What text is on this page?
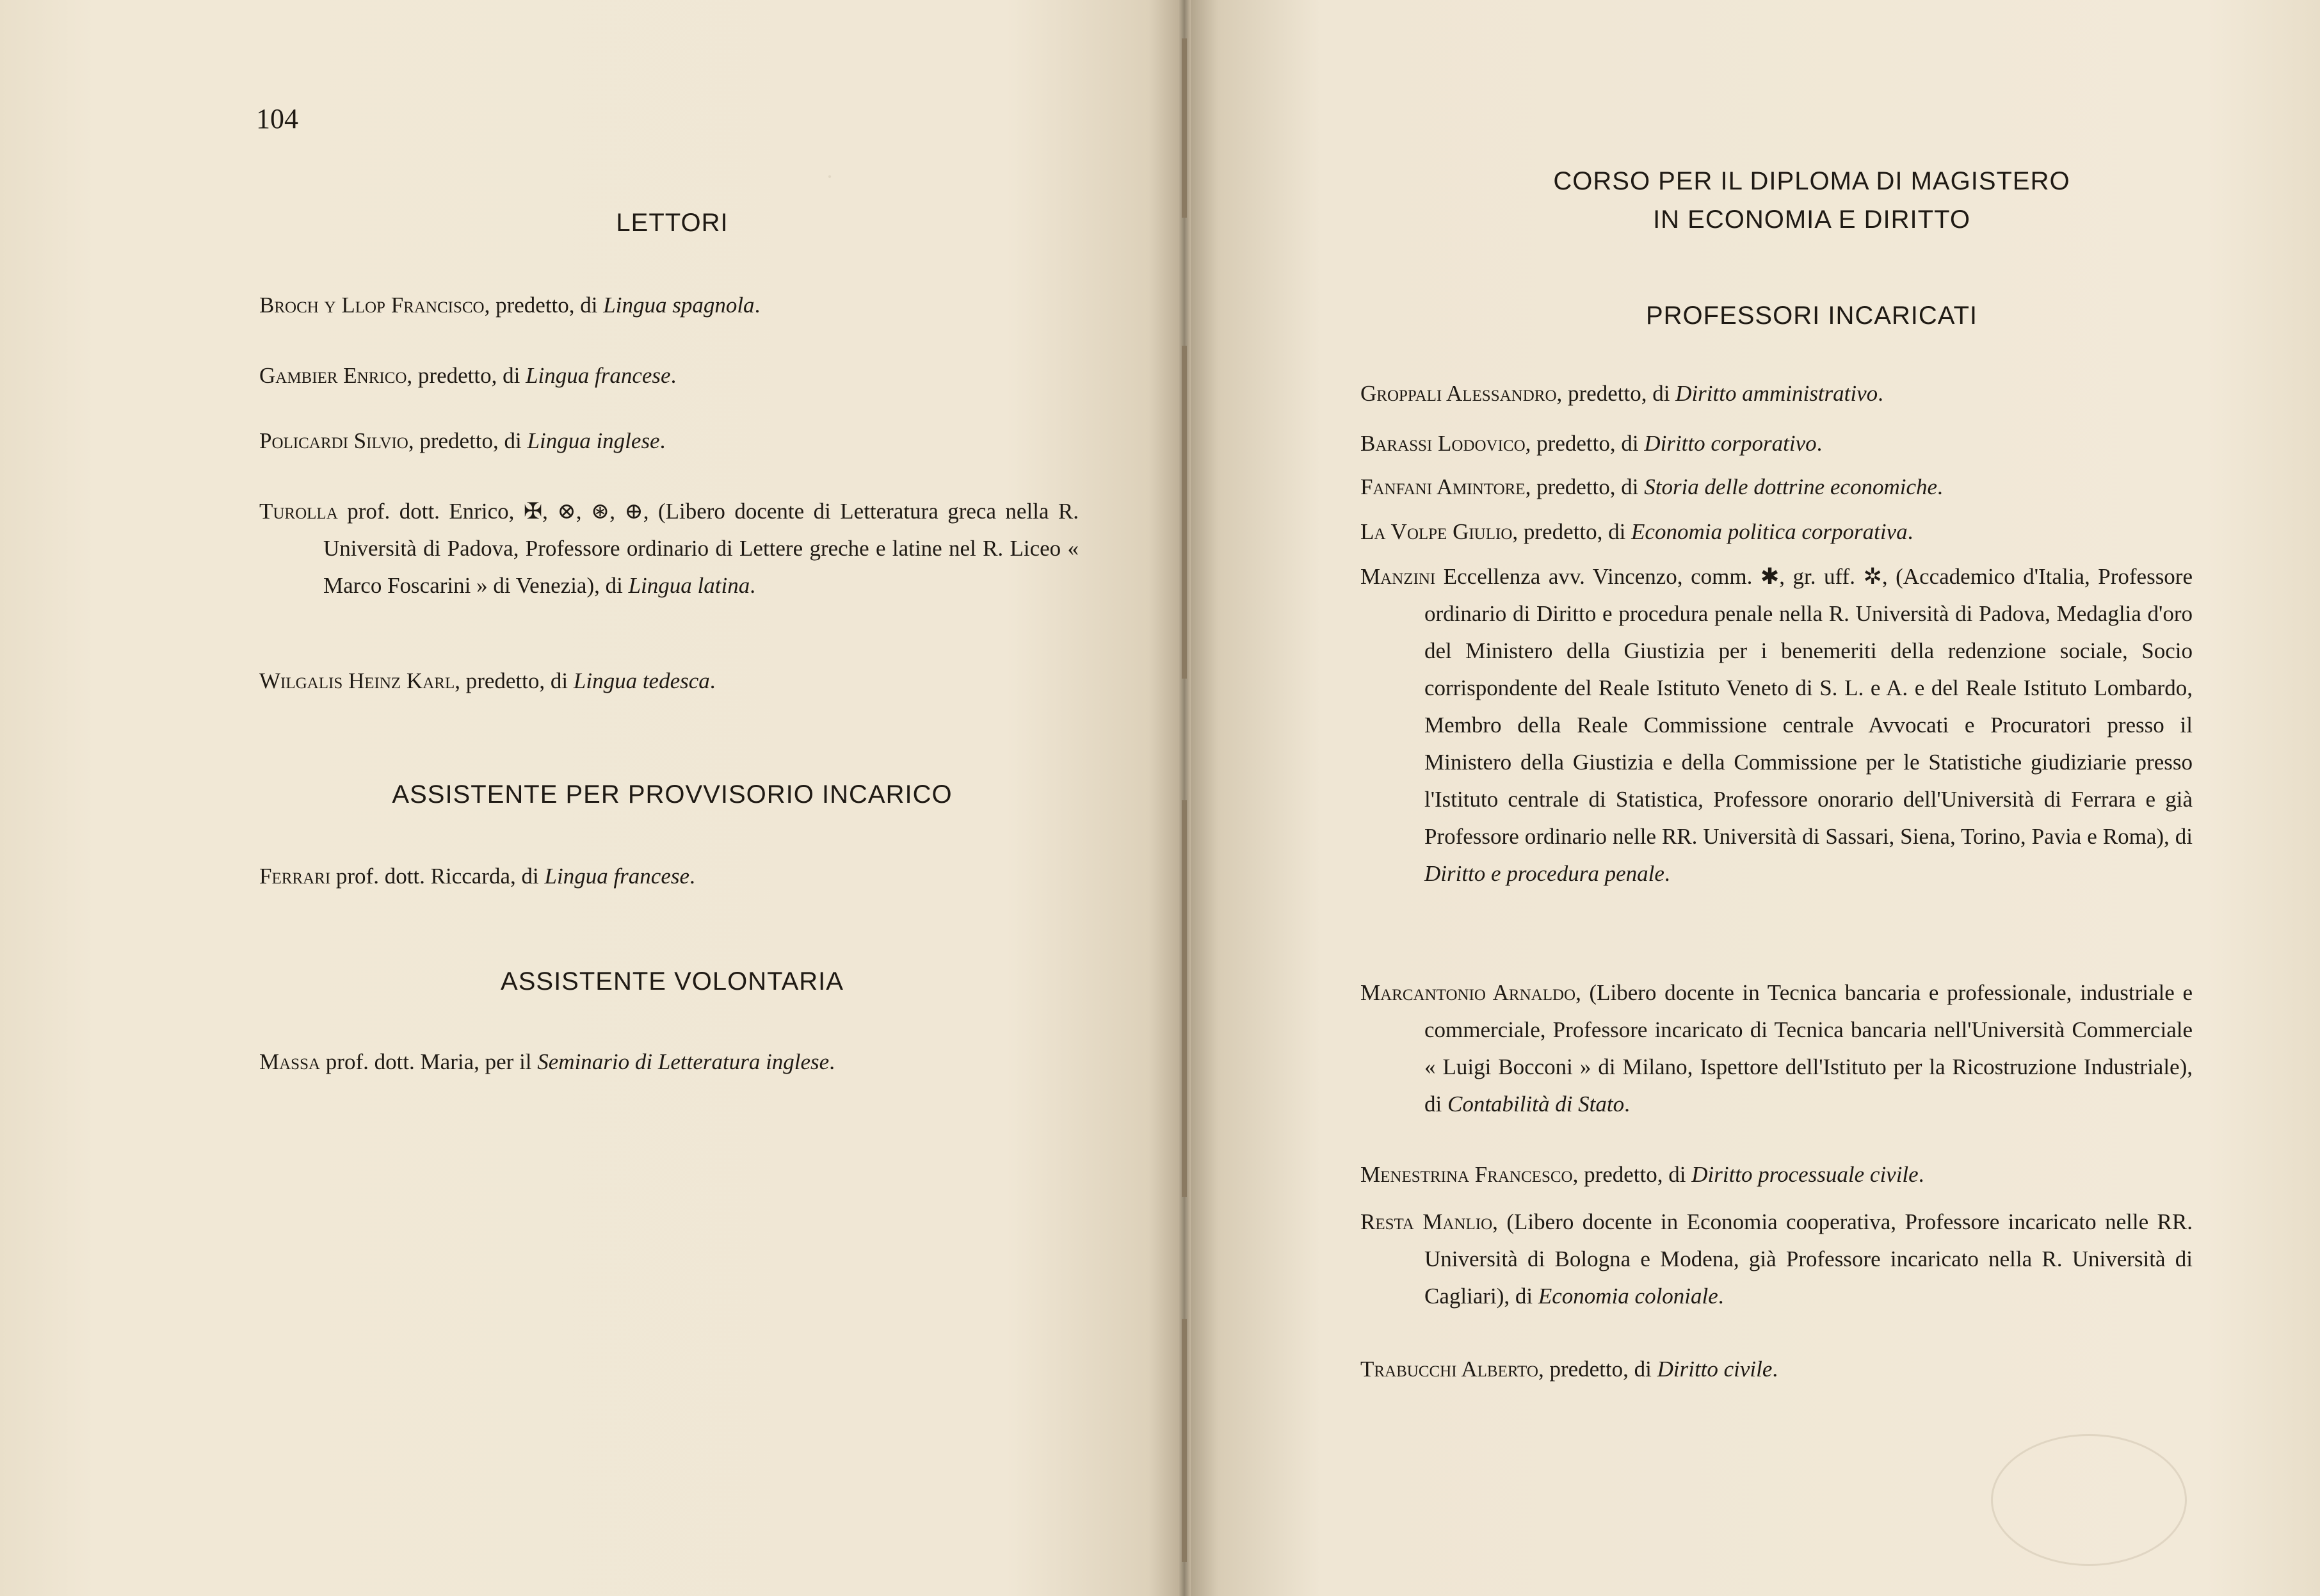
104
·
LETTORI
Broch y Llop Francisco, predetto, di Lingua spagnola.
Gambier Enrico, predetto, di Lingua francese.
Policardi Silvio, predetto, di Lingua inglese.
Turolla prof. dott. Enrico, ✠, ⊗, ⊛, ⊕, (Libero docente di Letteratura greca nella R. Università di Padova, Professore ordinario di Lettere greche e latine nel R. Liceo « Marco Foscarini » di Venezia), di Lingua latina.
Wilgalis Heinz Karl, predetto, di Lingua tedesca.
ASSISTENTE PER PROVVISORIO INCARICO
Ferrari prof. dott. Riccarda, di Lingua francese.
ASSISTENTE VOLONTARIA
Massa prof. dott. Maria, per il Seminario di Letteratura inglese.
CORSO PER IL DIPLOMA DI MAGISTERO
IN ECONOMIA E DIRITTO
PROFESSORI INCARICATI
Groppali Alessandro, predetto, di Diritto amministrativo.
Barassi Lodovico, predetto, di Diritto corporativo.
Fanfani Amintore, predetto, di Storia delle dottrine economiche.
La Volpe Giulio, predetto, di Economia politica corporativa.
Manzini Eccellenza avv. Vincenzo, comm. ✱, gr. uff. ✲, (Accademico d'Italia, Professore ordinario di Diritto e procedura penale nella R. Università di Padova, Medaglia d'oro del Ministero della Giustizia per i benemeriti della redenzione sociale, Socio corrispondente del Reale Istituto Veneto di S. L. e A. e del Reale Istituto Lombardo, Membro della Reale Commissione centrale Avvocati e Procuratori presso il Ministero della Giustizia e della Commissione per le Statistiche giudiziarie presso l'Istituto centrale di Statistica, Professore onorario dell'Università di Ferrara e già Professore ordinario nelle RR. Università di Sassari, Siena, Torino, Pavia e Roma), di Diritto e procedura penale.
Marcantonio Arnaldo, (Libero docente in Tecnica bancaria e professionale, industriale e commerciale, Professore incaricato di Tecnica bancaria nell'Università Commerciale « Luigi Bocconi » di Milano, Ispettore dell'Istituto per la Ricostruzione Industriale), di Contabilità di Stato.
Menestrina Francesco, predetto, di Diritto processuale civile.
Resta Manlio, (Libero docente in Economia cooperativa, Professore incaricato nelle RR. Università di Bologna e Modena, già Professore incaricato nella R. Università di Cagliari), di Economia coloniale.
Trabucchi Alberto, predetto, di Diritto civile.
